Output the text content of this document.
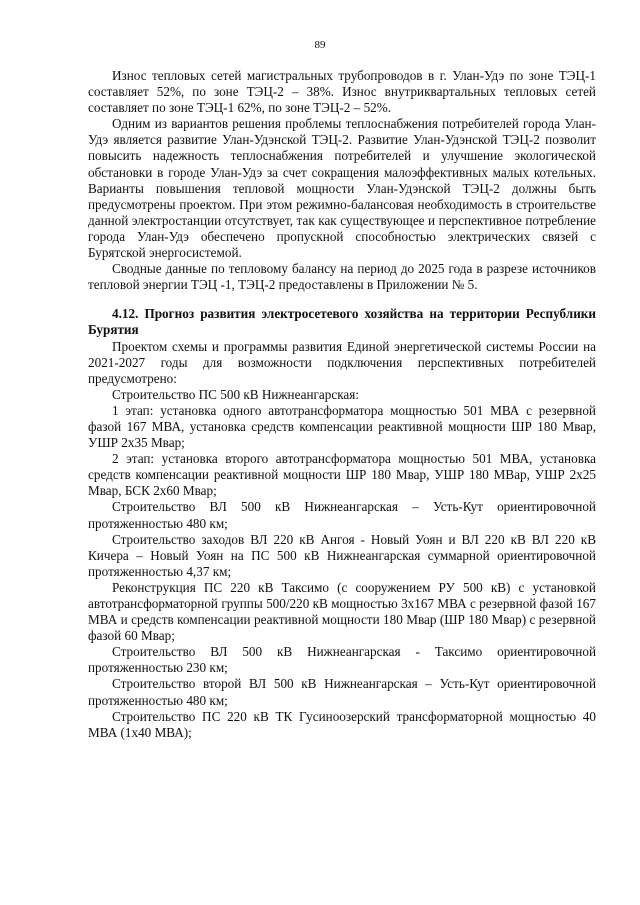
89

Износ тепловых сетей магистральных трубопроводов в г. Улан-Удэ по зоне ТЭЦ-1 составляет 52%, по зоне ТЭЦ-2 – 38%. Износ внутриквартальных тепловых сетей составляет по зоне ТЭЦ-1 62%, по зоне ТЭЦ-2 – 52%.

Одним из вариантов решения проблемы теплоснабжения потребителей города Улан-Удэ является развитие Улан-Удэнской ТЭЦ-2. Развитие Улан-Удэнской ТЭЦ-2 позволит повысить надежность теплоснабжения потребителей и улучшение экологической обстановки в городе Улан-Удэ за счет сокращения малоэффективных малых котельных. Варианты повышения тепловой мощности Улан-Удэнской ТЭЦ-2 должны быть предусмотрены проектом. При этом режимно-балансовая необходимость в строительстве данной электростанции отсутствует, так как существующее и перспективное потребление города Улан-Удэ обеспечено пропускной способностью электрических связей с Бурятской энергосистемой.

Сводные данные по тепловому балансу на период до 2025 года в разрезе источников тепловой энергии ТЭЦ -1, ТЭЦ-2 предоставлены в Приложении № 5.

4.12. Прогноз развития электросетевого хозяйства на территории Республики Бурятия

Проектом схемы и программы развития Единой энергетической системы России на 2021-2027 годы для возможности подключения перспективных потребителей предусмотрено:

Строительство ПС 500 кВ Нижнеангарская:

1 этап: установка одного автотрансформатора мощностью 501 МВА с резервной фазой 167 МВА, установка средств компенсации реактивной мощности ШР 180 Мвар, УШР 2х35 Мвар;

2 этап: установка второго автотрансформатора мощностью 501 МВА, установка средств компенсации реактивной мощности ШР 180 Мвар, УШР 180 МВар, УШР 2х25 Мвар, БСК 2х60 Мвар;

Строительство ВЛ 500 кВ Нижнеангарская – Усть-Кут ориентировочной протяженностью 480 км;

Строительство заходов ВЛ 220 кВ Ангоя - Новый Уоян и ВЛ 220 кВ ВЛ 220 кВ Кичера – Новый Уоян на ПС 500 кВ Нижнеангарская суммарной ориентировочной протяженностью 4,37 км;

Реконструкция ПС 220 кВ Таксимо (с сооружением РУ 500 кВ) с установкой автотрансформаторной группы 500/220 кВ мощностью 3х167 МВА с резервной фазой 167 МВА и средств компенсации реактивной мощности 180 Мвар (ШР 180 Мвар) с резервной фазой 60 Мвар;

Строительство ВЛ 500 кВ Нижнеангарская - Таксимо ориентировочной протяженностью 230 км;

Строительство второй ВЛ 500 кВ Нижнеангарская – Усть-Кут ориентировочной протяженностью 480 км;

Строительство ПС 220 кВ ТК Гусиноозерский трансформаторной мощностью 40 МВА (1х40 МВА);
